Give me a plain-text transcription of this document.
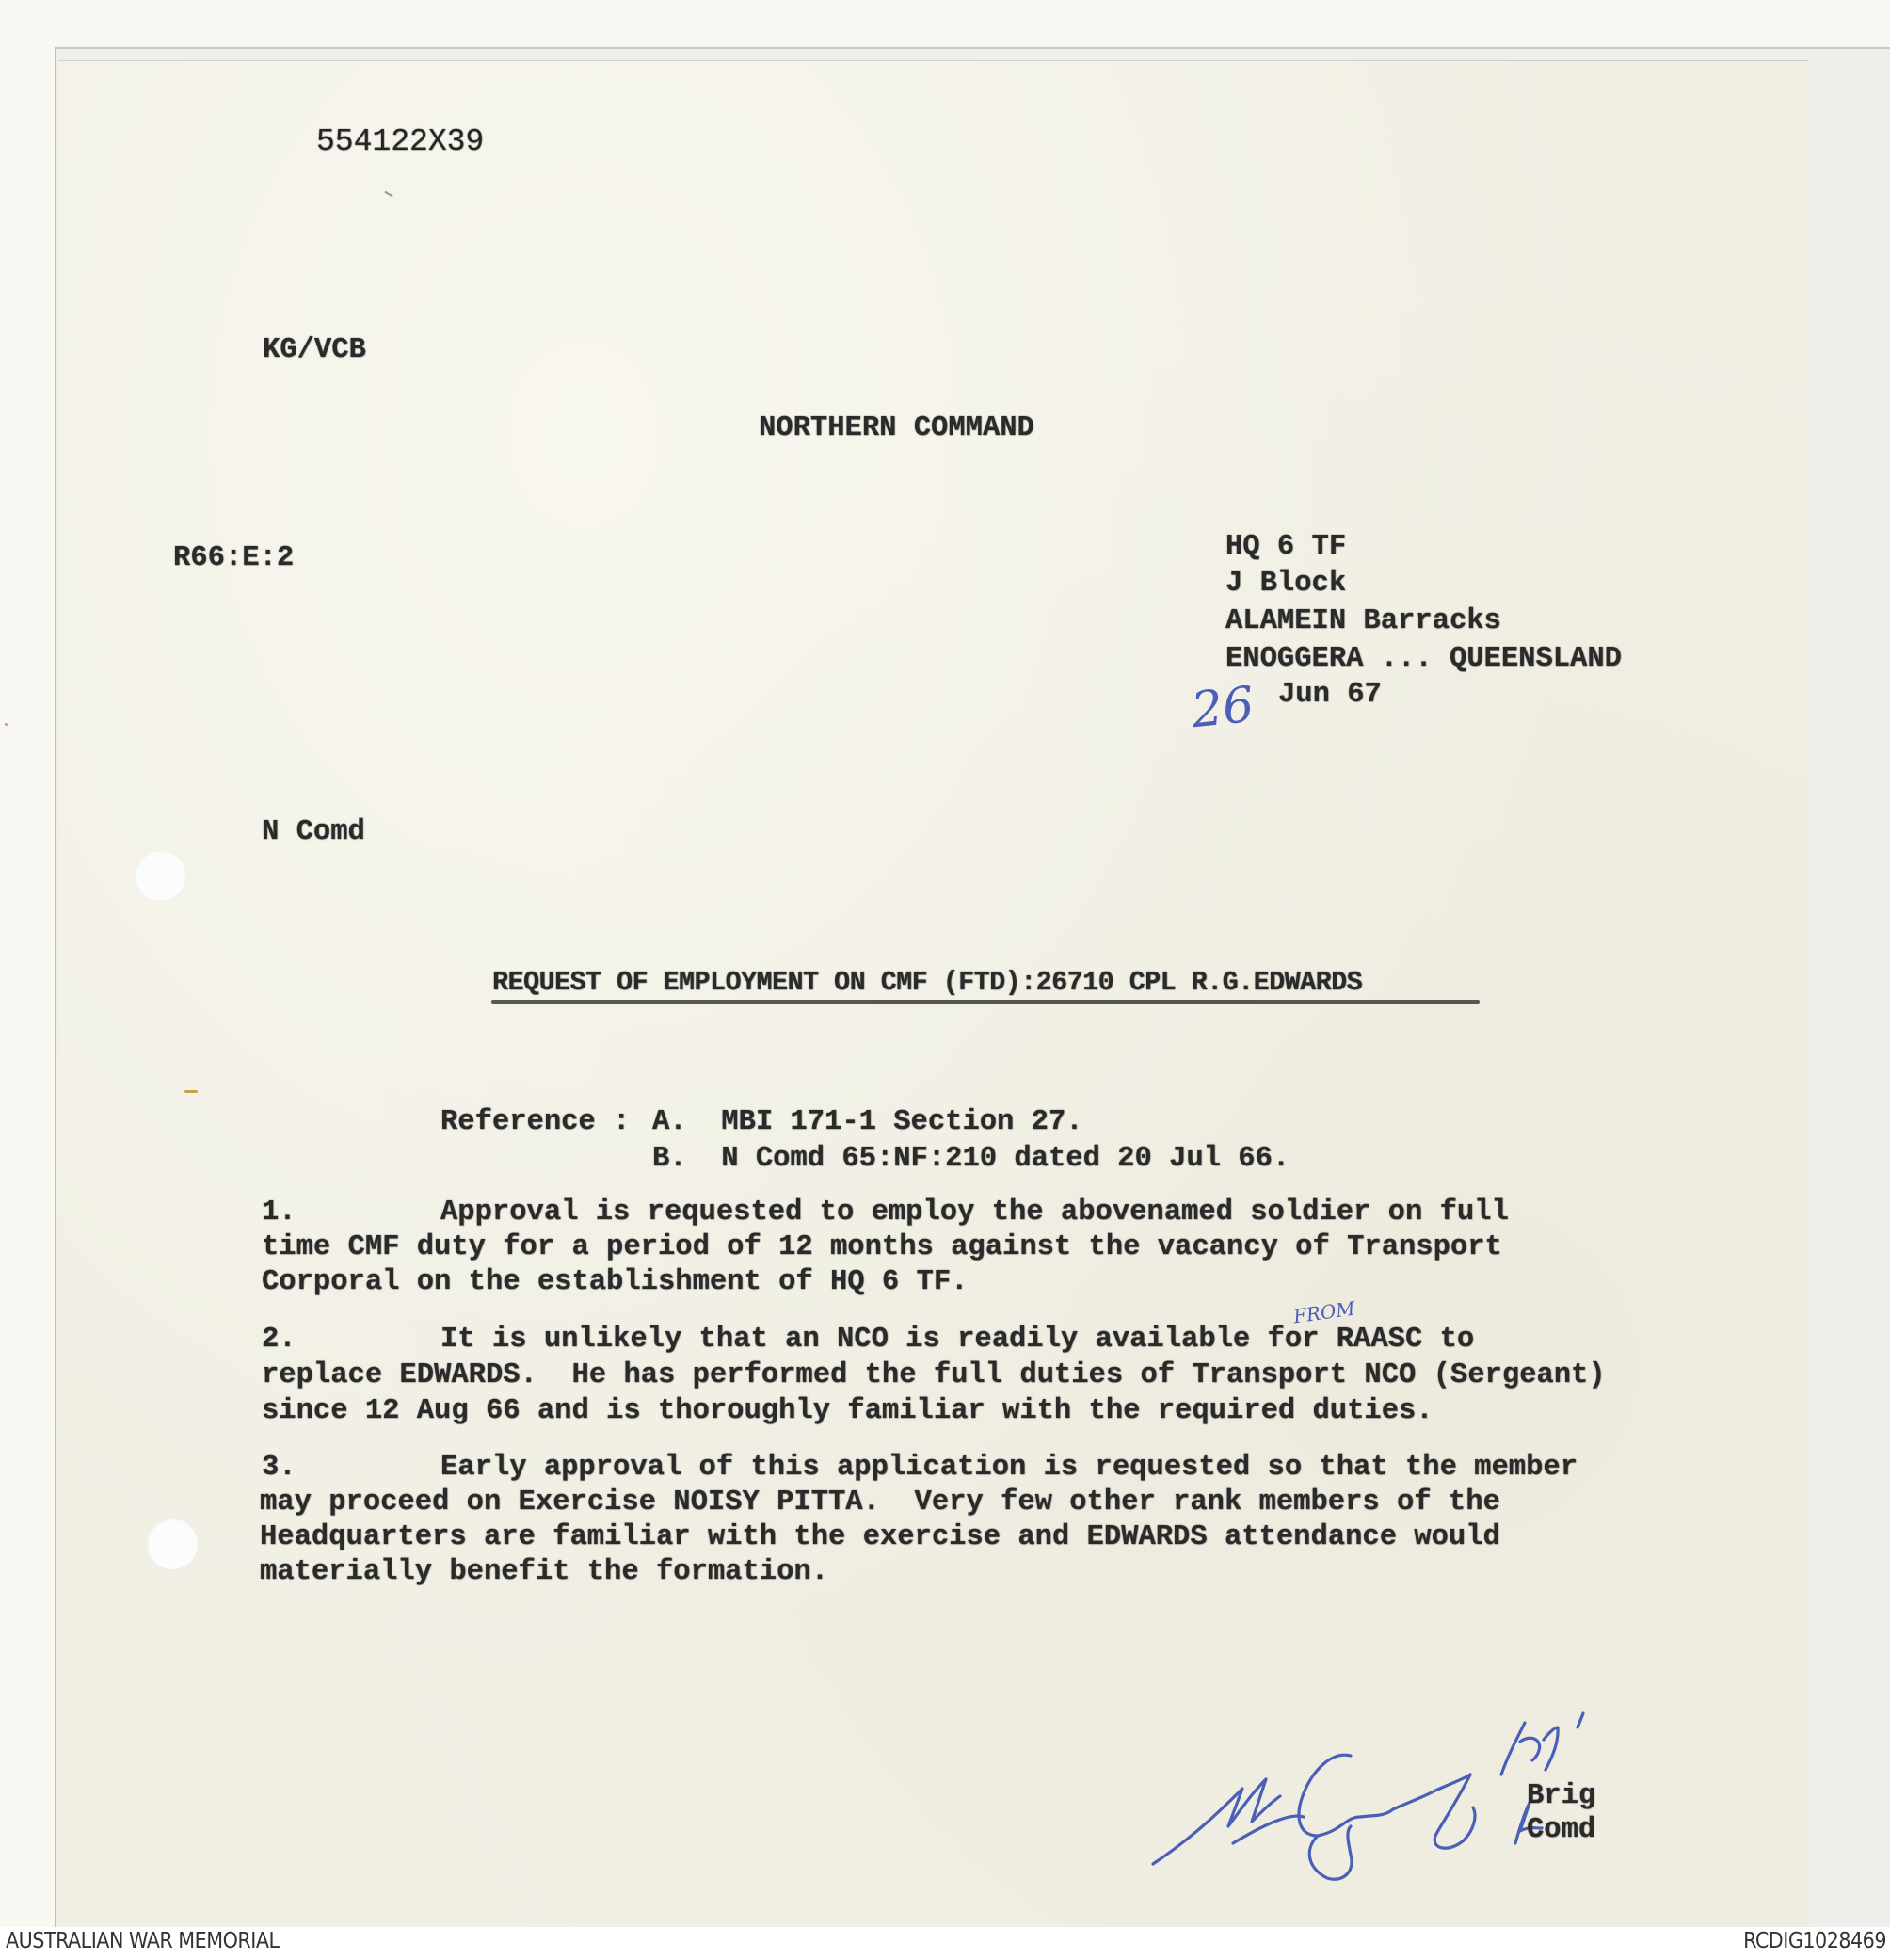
554122X39

KG/VCB

NORTHERN COMMAND

R66:E:2	HQ 6 TF

J Block

ALAMEIN Barracks

ENOGGERA ... QUEENSLAND

Jun 67

26

N Comd

REQUEST OF EMPLOYMENT ON CMF (FTD):26710 CPL R.G.EDWARDS

Reference : A.  MBI 171-1 Section 27.

B.  N Comd 65:NF:210 dated 20 Jul 66.

1.	Approval is requested to employ the abovenamed soldier on full

time CMF duty for a period of 12 months against the vacancy of Transport

Corporal on the establishment of HQ 6 TF.

2.	It is unlikely that an NCO is readily available for RAASC to

replace EDWARDS.  He has performed the full duties of Transport NCO (Sergeant)

since 12 Aug 66 and is thoroughly familiar with the required duties.

FROM

3.	Early approval of this application is requested so that the member

may proceed on Exercise NOISY PITTA.  Very few other rank members of the

Headquarters are familiar with the exercise and EDWARDS attendance would

materially benefit the formation.

Brig

Comd

AUSTRALIAN WAR MEMORIAL	RCDIG1028469
